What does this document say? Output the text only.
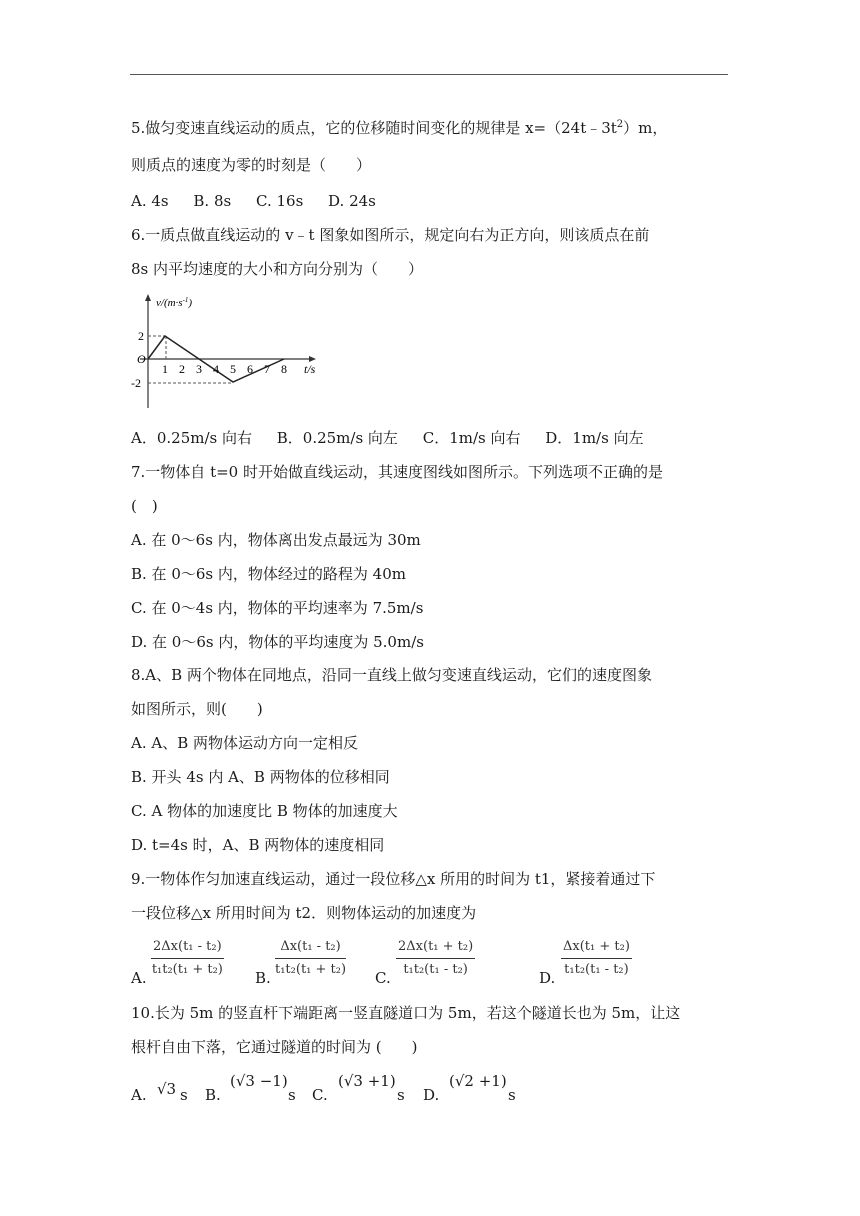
5.做匀变速直线运动的质点，它的位移随时间变化的规律是 $x=(24t﹣3t^2)m$，
则质点的速度为零的时刻是（　　）
A. 4s B. 8s C. 16s D. 24s
6.一质点做直线运动的 v﹣t 图象如图所示，规定向右为正方向，则该质点在前
8s 内平均速度的大小和方向分别为（　　）
$v/(m\cdot s^{-1})$
2
-2
O
1 2 3 4 5 6 7 8 t/s
A．0.25m/s 向右 B．0.25m/s 向左 C．1m/s 向右 D．1m/s 向左
7.一物体自 t=0 时开始做直线运动，其速度图线如图所示。下列选项不正确的是
(　)
A. 在 0～6s 内，物体离出发点最远为 30m
B. 在 0～6s 内，物体经过的路程为 40m
C. 在 0～4s 内，物体的平均速率为 7.5m/s
D. 在 0～6s 内，物体的平均速度为 5.0m/s
8.A、B 两个物体在同地点，沿同一直线上做匀变速直线运动，它们的速度图象
如图所示，则(　　)
A. A、B 两物体运动方向一定相反
B. 开头 4s 内 A、B 两物体的位移相同
C. A 物体的加速度比 B 物体的加速度大
D. t=4s 时，A、B 两物体的速度相同
9.一物体作匀加速直线运动，通过一段位移△x 所用的时间为 t1，紧接着通过下
一段位移△x 所用时间为 t2．则物体运动的加速度为
A. $\frac{\text{2Δx(t₁ - t₂)}}{\text{t₁t₂(t₁ + t₂)}} B$. $\frac{\text{Δx(t₁ - t₂)}}{\text{t₁t₂(t₁ + t₂)}} C$. $\frac{\text{2Δx(t₁ + t₂)}}{\text{t₁t₂(t₁ - t₂)}}$	D. $\frac{\text{Δx(t₁ + t₂)}}{\text{t₁t₂(t₁ - t₂)}}$
10.长为 5m 的竖直杆下端距离一竖直隧道口为 5m，若这个隧道长也为 5m，让这
根杆自由下落，它通过隧道的时间为 (　　)
A. √3 s B.
(√3 −1)
s C.
(√3 +1)
s D.
(√2 +1)
s
